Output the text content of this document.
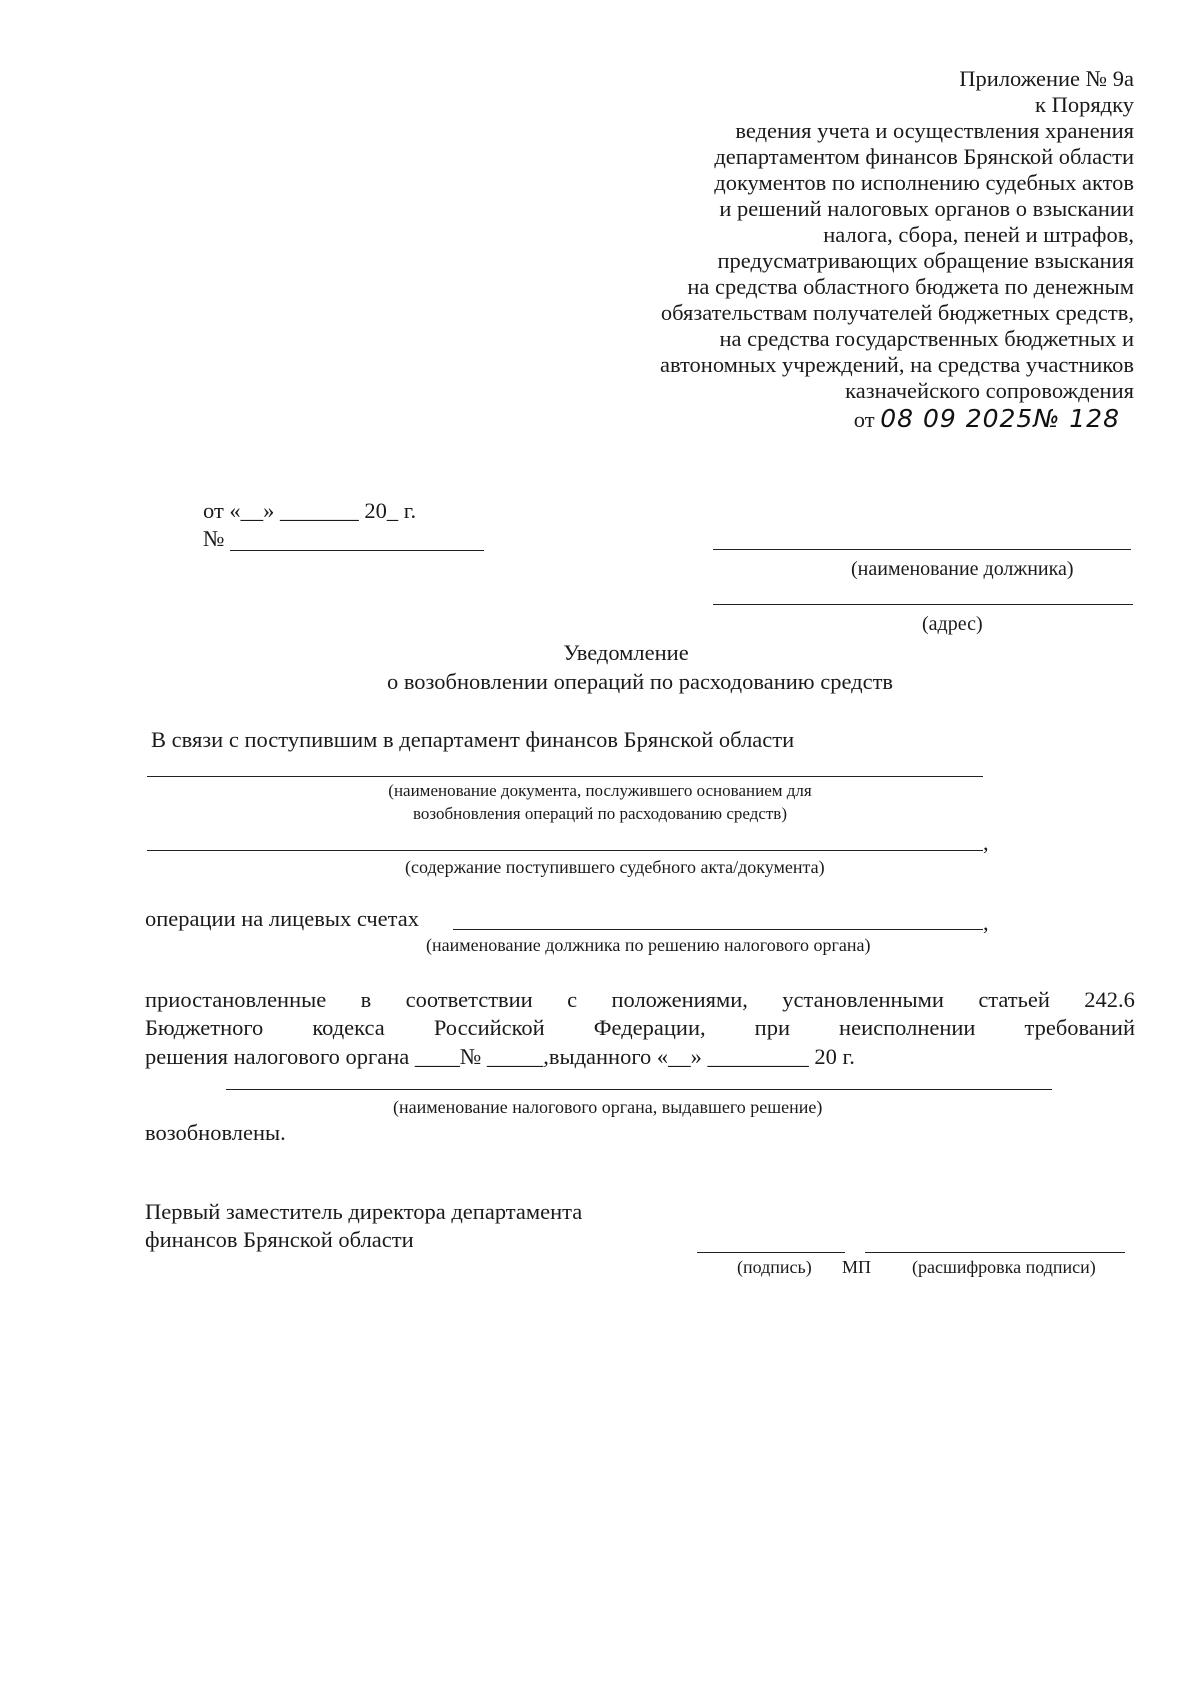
Приложение № 9а
к Порядку
ведения учета и осуществления хранения
департаментом финансов Брянской области
документов по исполнению судебных актов
и решений налоговых органов о взыскании
налога, сбора, пеней и штрафов,
предусматривающих обращение взыскания
на средства областного бюджета по денежным
обязательствам получателей бюджетных средств,
на средства государственных бюджетных и
автономных учреждений, на средства участников
казначейского сопровождения
от 08 09 2025№ 128
от «__» _______ 20_ г.
№
(наименование должника)
(адрес)
Уведомление
о возобновлении операций по расходованию средств
В связи с поступившим в департамент финансов Брянской области
(наименование документа, послужившего основанием для
возобновления операций по расходованию средств)
,
(содержание поступившего судебного акта/документа)
операции на лицевых счетах	,
(наименование должника по решению налогового органа)
приостановленные в соответствии с положениями, установленными статьей 242.6
Бюджетного кодекса Российской Федерации, при неисполнении требований
решения налогового органа ____№ _____,выданного «__» _________ 20 г.
(наименование налогового органа, выдавшего решение)
возобновлены.
Первый заместитель директора департамента
финансов Брянской области
(подпись) МП (расшифровка подписи)
